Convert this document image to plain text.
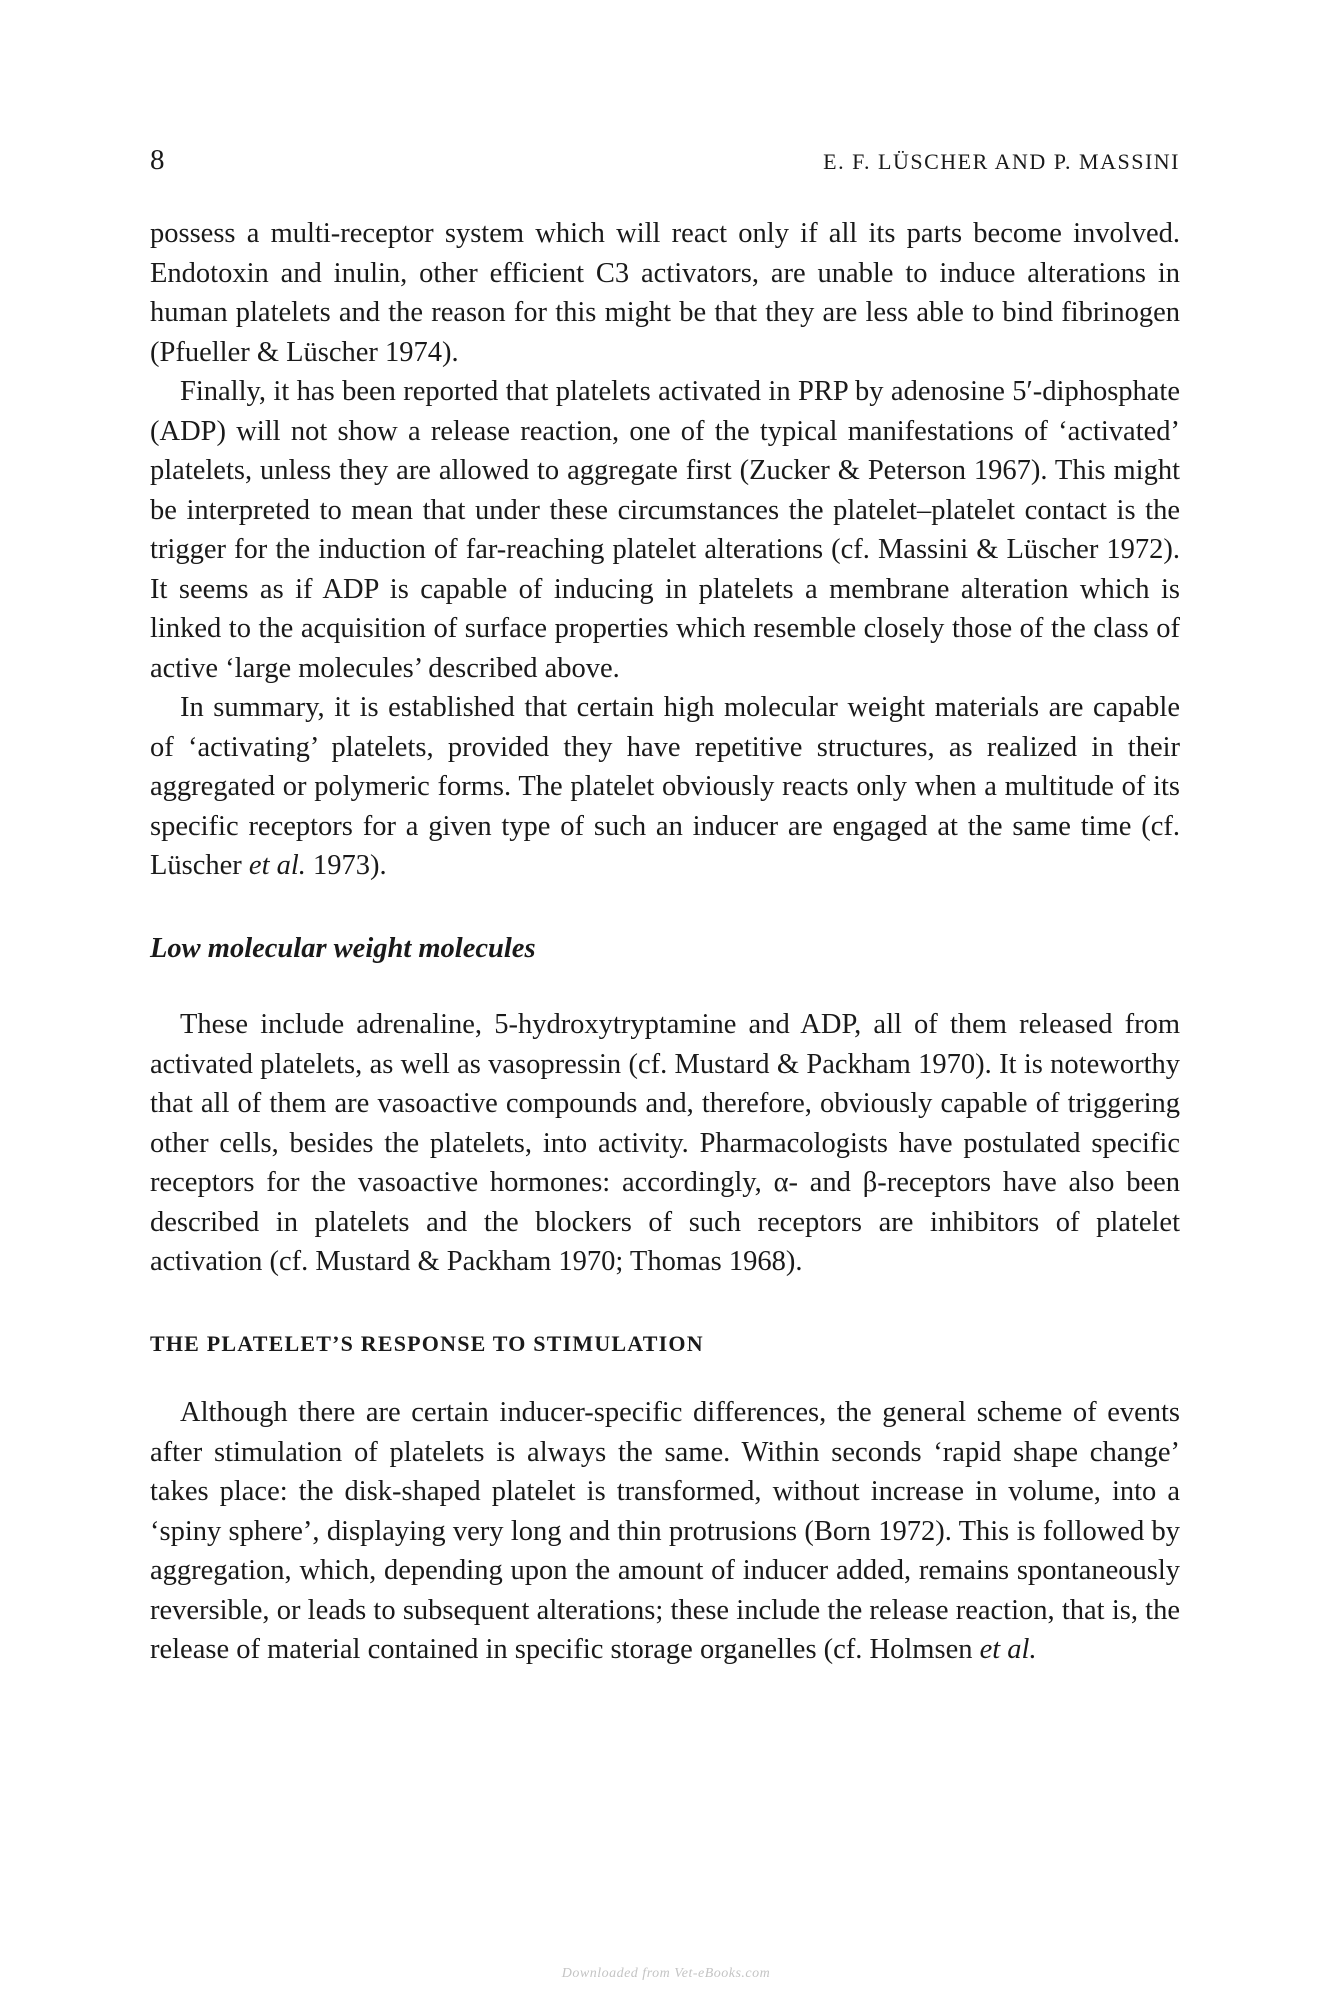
8	E. F. LÜSCHER AND P. MASSINI

possess a multi-receptor system which will react only if all its parts become involved. Endotoxin and inulin, other efficient C3 activators, are unable to induce alterations in human platelets and the reason for this might be that they are less able to bind fibrinogen (Pfueller & Lüscher 1974).

Finally, it has been reported that platelets activated in PRP by adenosine 5′-diphosphate (ADP) will not show a release reaction, one of the typical manifestations of ‘activated’ platelets, unless they are allowed to aggregate first (Zucker & Peterson 1967). This might be interpreted to mean that under these circumstances the platelet–platelet contact is the trigger for the induction of far-reaching platelet alterations (cf. Massini & Lüscher 1972). It seems as if ADP is capable of inducing in platelets a membrane alteration which is linked to the acquisition of surface properties which resemble closely those of the class of active ‘large molecules’ described above.

In summary, it is established that certain high molecular weight materials are capable of ‘activating’ platelets, provided they have repetitive structures, as realized in their aggregated or polymeric forms. The platelet obviously reacts only when a multitude of its specific receptors for a given type of such an inducer are engaged at the same time (cf. Lüscher et al. 1973).

Low molecular weight molecules

These include adrenaline, 5-hydroxytryptamine and ADP, all of them released from activated platelets, as well as vasopressin (cf. Mustard & Packham 1970). It is noteworthy that all of them are vasoactive compounds and, therefore, obviously capable of triggering other cells, besides the platelets, into activity. Pharmacologists have postulated specific receptors for the vasoactive hormones: accordingly, α- and β-receptors have also been described in platelets and the blockers of such receptors are inhibitors of platelet activation (cf. Mustard & Packham 1970; Thomas 1968).

THE PLATELET’S RESPONSE TO STIMULATION

Although there are certain inducer-specific differences, the general scheme of events after stimulation of platelets is always the same. Within seconds ‘rapid shape change’ takes place: the disk-shaped platelet is transformed, without increase in volume, into a ‘spiny sphere’, displaying very long and thin protrusions (Born 1972). This is followed by aggregation, which, depending upon the amount of inducer added, remains spontaneously reversible, or leads to subsequent alterations; these include the release reaction, that is, the release of material contained in specific storage organelles (cf. Holmsen et al.

Downloaded from Vet-eBooks.com
